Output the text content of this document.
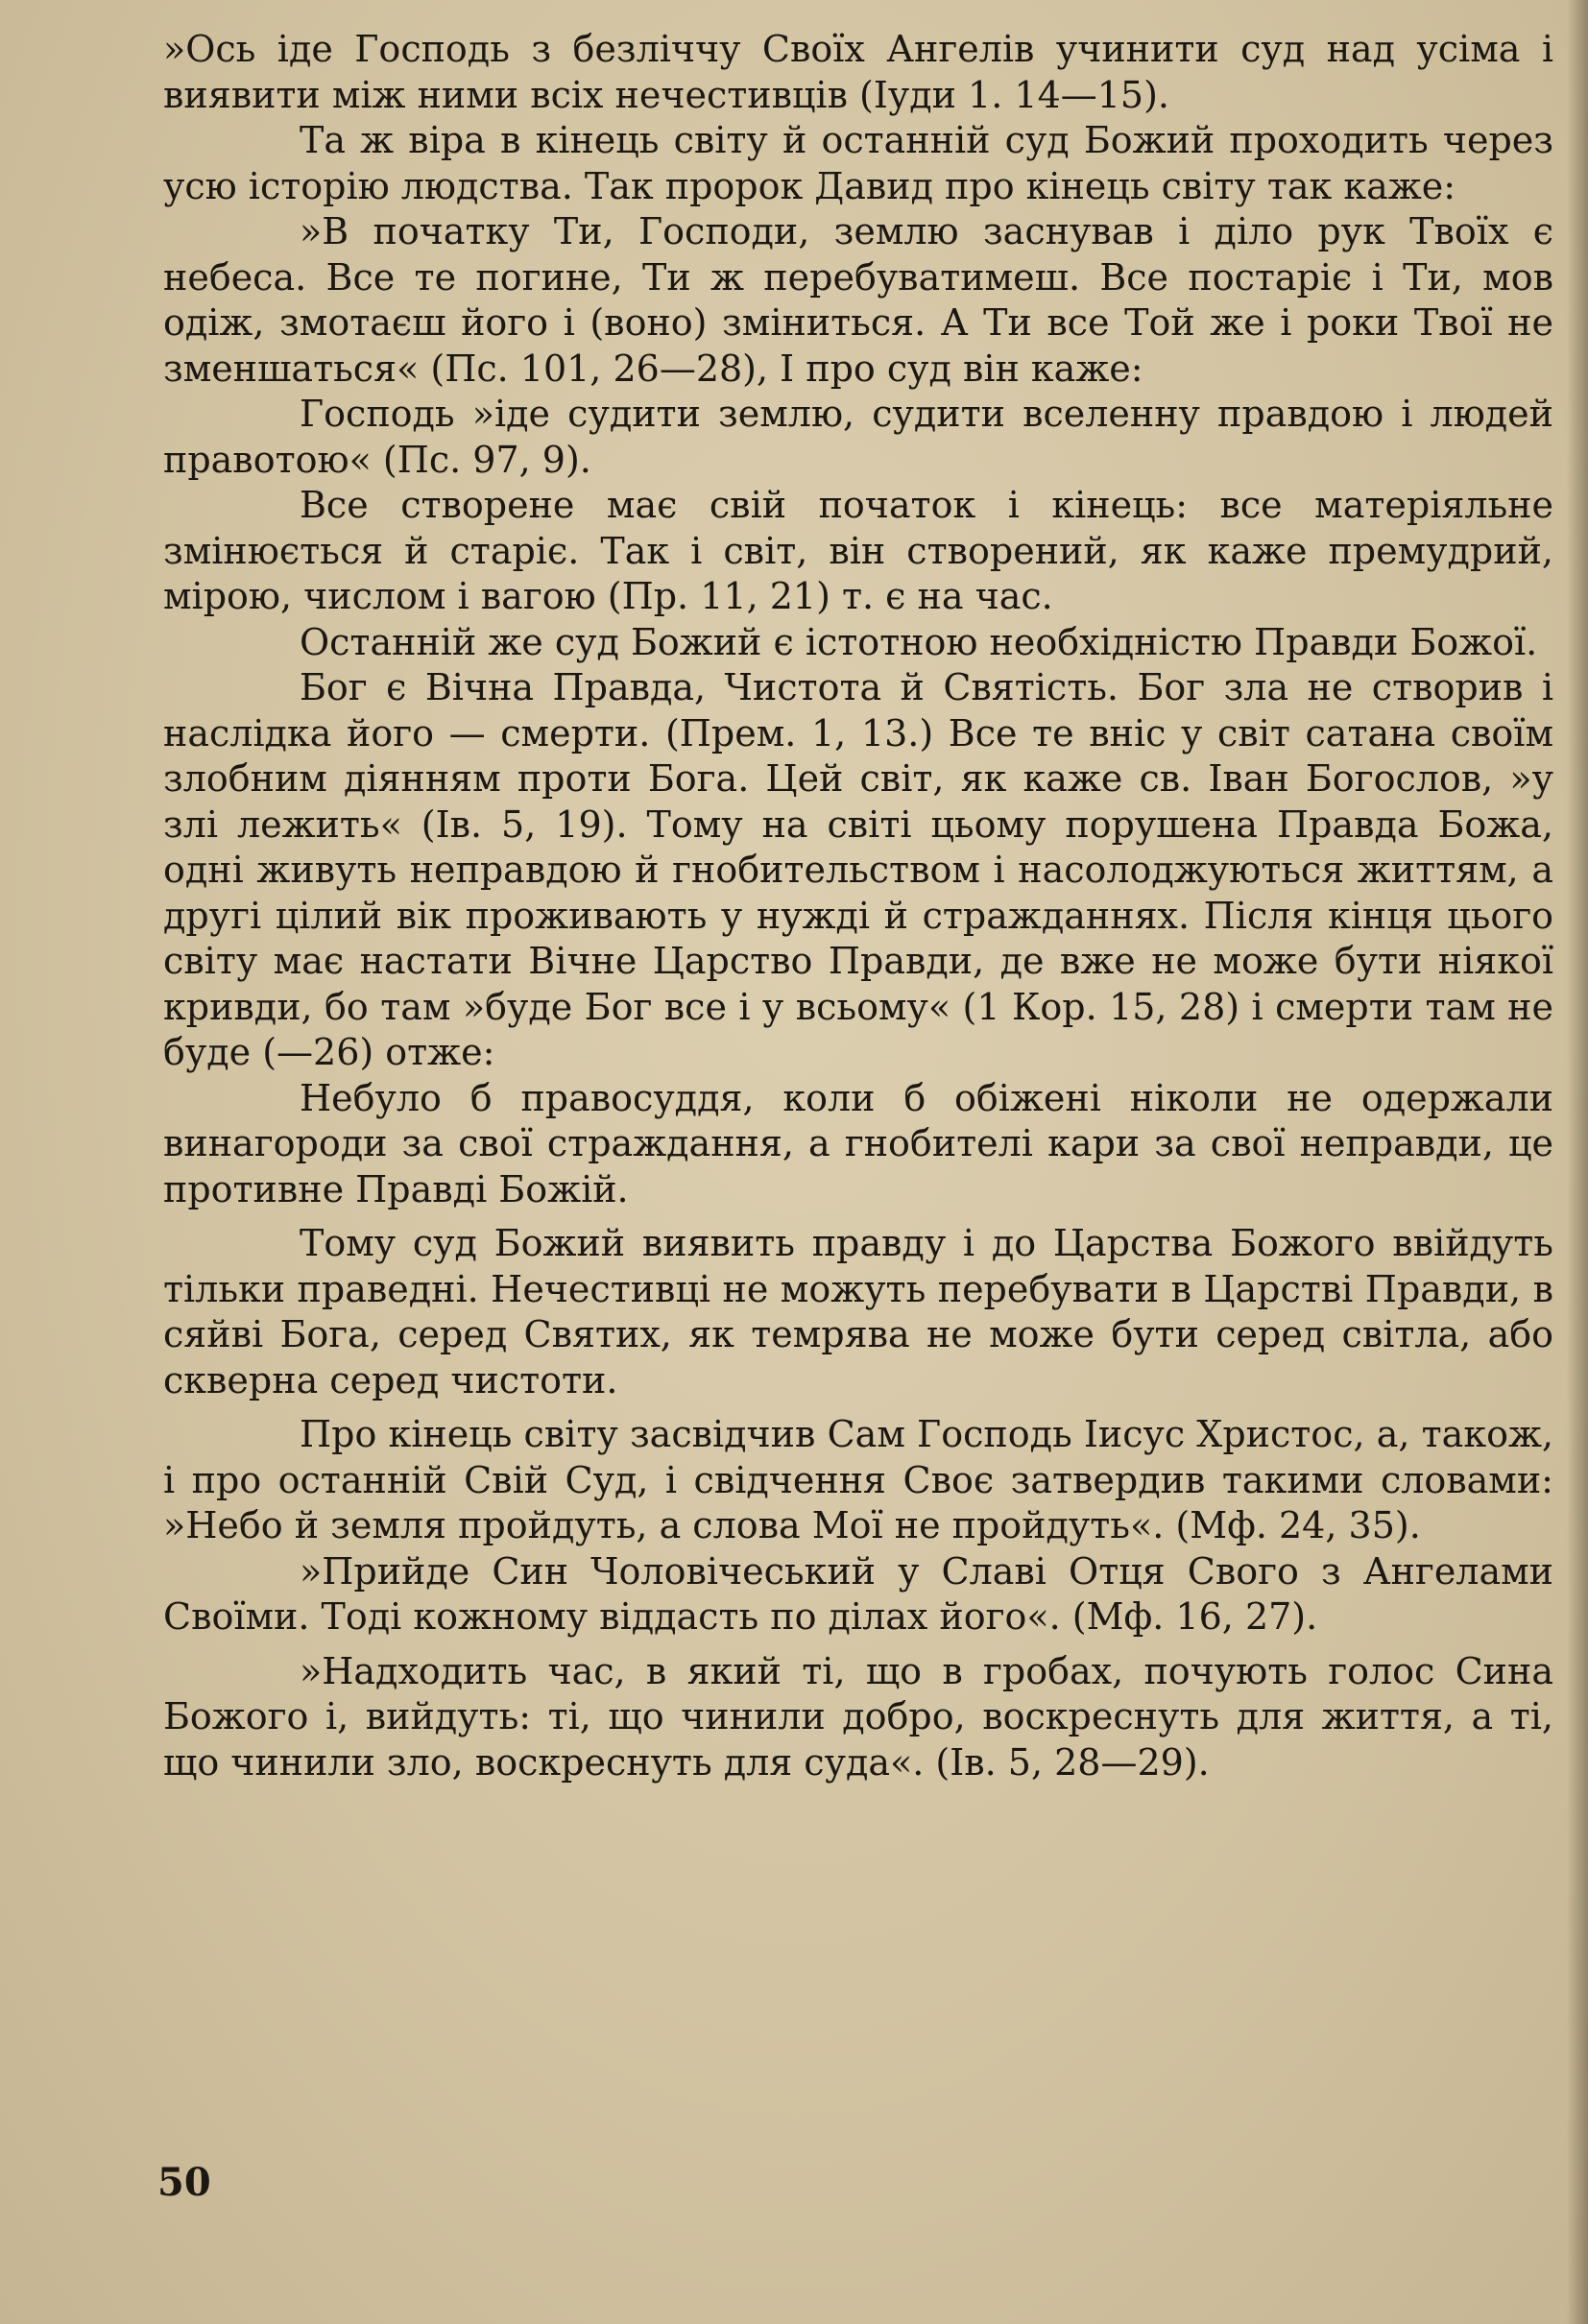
»Ось іде Господь з безліччу Своїх Ангелів учинити суд над усіма і виявити між ними всіх нечестивців (Іуди 1. 14—15).

Та ж віра в кінець світу й останній суд Божий проходить через усю історію людства. Так пророк Давид про кінець світу так каже:

»В початку Ти, Господи, землю заснував і діло рук Твоїх є небеса. Все те погине, Ти ж перебуватимеш. Все постаріє і Ти, мов одіж, змотаєш його і (воно) зміниться. А Ти все Той же і роки Твої не зменшаться« (Пс. 101, 26—28), І про суд він каже:

Господь »іде судити землю, судити вселенну правдою і людей правотою« (Пс. 97, 9).

Все створене має свій початок і кінець: все матеріяльне змінюється й старіє. Так і світ, він створений, як каже премудрий, мірою, числом і вагою (Пр. 11, 21) т. є на час.

Останній же суд Божий є істотною необхідністю Правди Божої.

Бог є Вічна Правда, Чистота й Святість. Бог зла не створив і наслідка його — смерти. (Прем. 1, 13.) Все те вніс у світ сатана своїм злобним діянням проти Бога. Цей світ, як каже св. Іван Богослов, »у злі лежить« (Ів. 5, 19). Тому на світі цьому порушена Правда Божа, одні живуть неправдою й гнобительством і насолоджуються життям, а другі цілий вік проживають у нужді й стражданнях. Після кінця цього світу має настати Вічне Царство Правди, де вже не може бути ніякої кривди, бо там »буде Бог все і у всьому« (1 Кор. 15, 28) і смерти там не буде (—26) отже:

Небуло б правосуддя, коли б обіжені ніколи не одержали винагороди за свої страждання, а гнобителі кари за свої неправди, це противне Правді Божій.

Тому суд Божий виявить правду і до Царства Божого ввійдуть тільки праведні. Нечестивці не можуть перебувати в Царстві Правди, в сяйві Бога, серед Святих, як темрява не може бути серед світла, або скверна серед чистоти.

Про кінець світу засвідчив Сам Господь Іисус Христос, а, також, і про останній Свій Суд, і свідчення Своє затвердив такими словами: »Небо й земля пройдуть, а слова Мої не пройдуть«. (Мф. 24, 35).

»Прийде Син Чоловічеський у Славі Отця Свого з Ангелами Своїми. Тоді кожному віддасть по ділах його«. (Мф. 16, 27).

»Надходить час, в який ті, що в гробах, почують голос Сина Божого і, вийдуть: ті, що чинили добро, воскреснуть для життя, а ті, що чинили зло, воскреснуть для суда«. (Ів. 5, 28—29).

50
